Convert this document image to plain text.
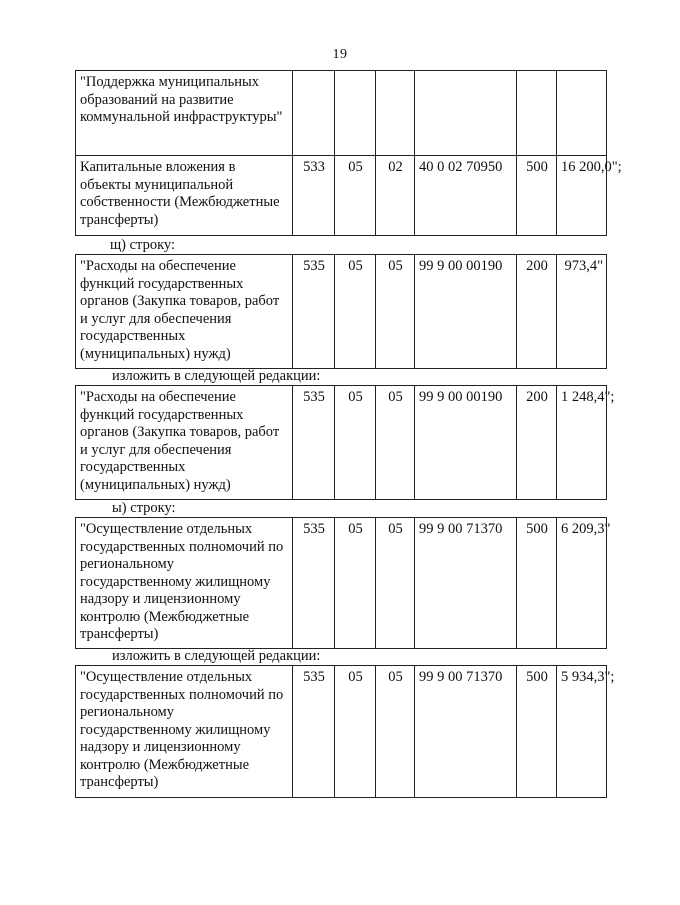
19
"Поддержка муниципальных образований на развитие коммунальной инфраструктуры"						
Капитальные вложения в объекты муниципальной собственности (Межбюджетные трансферты)	533	05	02	40 0 02 70950	500	16 200,0";
щ) строку:
"Расходы на обеспечение функций государственных органов (Закупка товаров, работ и услуг для обеспечения государственных (муниципальных) нужд)	535	05	05	99 9 00 00190	200	973,4"
изложить в следующей редакции:
"Расходы на обеспечение функций государственных органов (Закупка товаров, работ и услуг для обеспечения государственных (муниципальных) нужд)	535	05	05	99 9 00 00190	200	1 248,4";
ы) строку:
"Осуществление отдельных государственных полномочий по региональному государственному жилищному надзору и лицензионному контролю (Межбюджетные трансферты)	535	05	05	99 9 00 71370	500	6 209,3"
изложить в следующей редакции:
"Осуществление отдельных государственных полномочий по региональному государственному жилищному надзору и лицензионному контролю (Межбюджетные трансферты)	535	05	05	99 9 00 71370	500	5 934,3";
